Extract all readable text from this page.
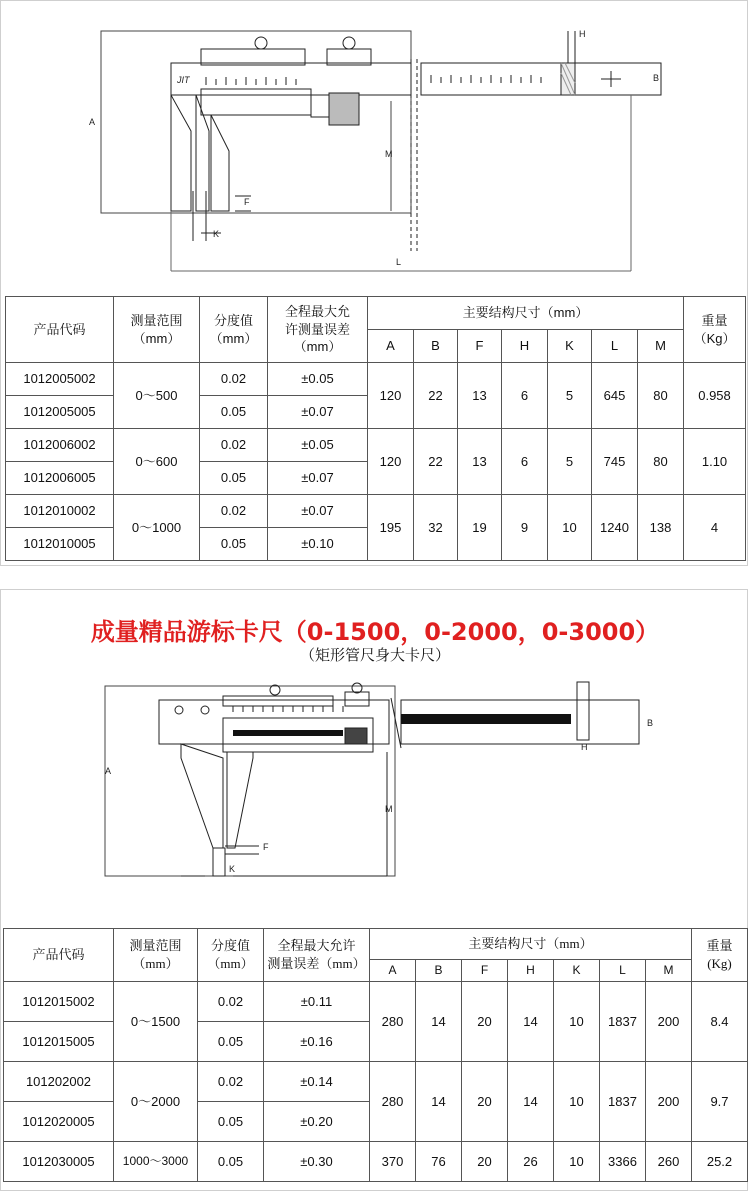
A
M
L
B
H
F
K
JIT
产品代码	测量范围
（mm）	分度值
（mm）	全程最大允
许测量误差
（mm）	主要结构尺寸（mm）							重量
（Kg）
				A	B	F	H	K	L	M	
1012005002	0～500	0.02	±0.05	120	22	13	6	5	645	80	0.958
1012005005		0.05	±0.07								
1012006002	0～600	0.02	±0.05	120	22	13	6	5	745	80	1.10
1012006005		0.05	±0.07								
1012010002	0～1000	0.02	±0.07	195	32	19	9	10	1240	138	4
1012010005		0.05	±0.10								
成量精品游标卡尺（0-1500，0-2000，0-3000）
（矩形管尺身大卡尺）
A
M
B
H
F
K
产品代码	测量范围
（mm）	分度值
（mm）	全程最大允许
测量误差（mm）	主要结构尺寸（mm）							重量
(Kg)
				A	B	F	H	K	L	M	
1012015002	0～1500	0.02	±0.11	280	14	20	14	10	1837	200	8.4
1012015005		0.05	±0.16								
101202002	0～2000	0.02	±0.14	280	14	20	14	10	1837	200	9.7
1012020005		0.05	±0.20								
1012030005	1000～3000	0.05	±0.30	370	76	20	26	10	3366	260	25.2
